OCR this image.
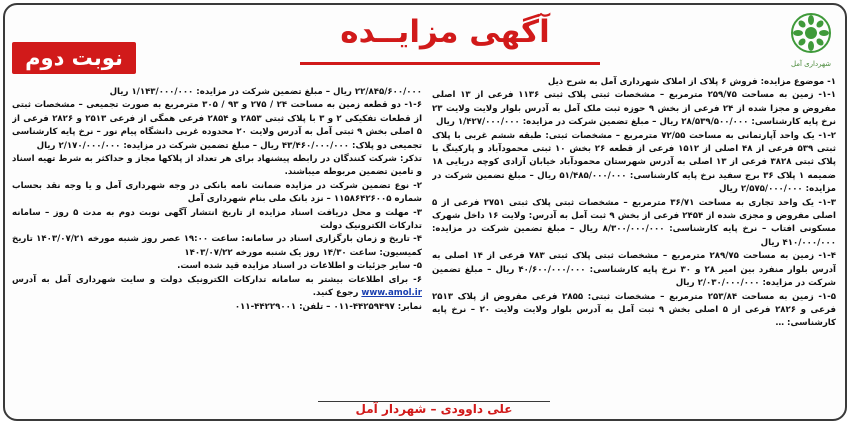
شهرداری آمل
آگهی مزایــده
نوبت دوم

۱- موضوع مزایده: فروش ۶ پلاک از املاک شهرداری آمل به شرح ذیل

۱-۱- زمین به مساحت ۲۵۹/۷۵ مترمربع – مشخصات ثبتی پلاک ثبتی ۱۱۳۶ فرعی از ۱۳ اصلی مفروض و مجزا شده از ۲۴ فرعی از بخش ۹ حوزه ثبت ملک آمل به آدرس بلوار ولایت ولایت ۲۳ نرخ پایه کارشناسی: ۲۸/۵۳۹/۵۰۰/۰۰۰ ریال – مبلغ تضمین شرکت در مزایده: ۱/۴۲۷/۰۰۰/۰۰۰ ریال

۱-۲- یک واحد آپارتمانی به مساحت ۷۲/۵۵ مترمربع – مشخصات ثبتی: طبقه ششم غربی با پلاک ثبتی ۵۳۹ فرعی از ۴۸ اصلی از ۱۵۱۲ فرعی از قطعه ۲۶ بخش ۱۰ ثبتی محمودآباد و پارکینگ با پلاک ثبتی ۳۸۲۸ فرعی از ۱۳ اصلی به آدرس شهرستان محمودآباد خیابان آزادی کوچه دریایی ۱۸ ضمیمه ۱ پلاک ۳۶ برج سفید نرخ پایه کارشناسی: ۵۱/۴۸۵/۰۰۰/۰۰۰ ریال – مبلغ تضمین شرکت در مزایده: ۲/۵۷۵/۰۰۰/۰۰۰ ریال

۱-۳- یک واحد تجاری به مساحت ۳۶/۷۱ مترمربع – مشخصات ثبتی پلاک ثبتی ۲۷۵۱ فرعی از ۵ اصلی مفروض و مجزی شده از ۲۴۵۴ فرعی از بخش ۹ ثبت آمل به آدرس: ولایت ۱۶ داخل شهرک مسکونی افتاب – نرخ پایه کارشناسی: ۸/۳۰۰/۰۰۰/۰۰۰ ریال – مبلغ تضمین شرکت در مزایده: ۴۱۰/۰۰۰/۰۰۰ ریال

۱-۴- زمین به مساحت ۲۸۹/۷۵ مترمربع – مشخصات ثبتی پلاک ثبتی ۷۸۳ فرعی از ۱۴ اصلی به آدرس بلوار منفرد بین امیر ۲۸ و ۳۰ نرخ پایه کارشناسی: ۴۰/۶۰۰/۰۰۰/۰۰۰ ریال – مبلغ تضمین شرکت در مزایده: ۲/۰۳۰/۰۰۰/۰۰۰ ریال

۱-۵- زمین به مساحت ۲۵۳/۸۴ مترمربع – مشخصات ثبتی: ۲۸۵۵ فرعی مفروض از پلاک ۲۵۱۳ فرعی و ۲۸۲۶ فرعی از ۵ اصلی بخش ۹ ثبت آمل به آدرس بلوار ولایت ولایت ۲۰ – نرخ پایه کارشناسی: …

۲۲/۸۴۵/۶۰۰/۰۰۰ ریال – مبلغ تضمین شرکت در مزایده: ۱/۱۴۳/۰۰۰/۰۰۰ ریال

۱-۶- دو قطعه زمین به مساحت ۲۴ / ۲۷۵ و ۹۳ / ۳۰۵ مترمربع به صورت تجمیعی – مشخصات ثبتی از قطعات تفکیکی ۲ و ۳ با پلاک ثبتی ۲۸۵۳ و ۲۸۵۴ فرعی همگی از فرعی ۲۵۱۳ و ۲۸۲۶ فرعی از ۵ اصلی بخش ۹ ثبتی آمل به آدرس ولایت ۲۰ محدوده غربی دانشگاه پیام نور – نرخ پایه کارشناسی تجمیعی دو پلاک: ۴۳/۴۶۰/۰۰۰/۰۰۰ ریال – مبلغ تضمین شرکت در مزایده: ۲/۱۷۰/۰۰۰/۰۰۰ ریال

تذکر: شرکت کنندگان در رابطه پیشنهاد برای هر تعداد از پلاکها مجاز و حداکثر به شرط تهیه اسناد و تامین تضمین مربوطه میباشند.

۲- نوع تضمین شرکت در مزایده ضمانت نامه بانکی در وجه شهرداری آمل و یا وجه نقد بحساب شماره ۱۱۵۸۶۴۲۶۰۰۵ – نزد بانک ملی بنام شهرداری آمل

۳- مهلت و محل دریافت اسناد مزایده از تاریخ انتشار آگهی نوبت دوم به مدت ۵ روز – سامانه تدارکات الکترونیک دولت

۴- تاریخ و زمان بارگزاری اسناد در سامانه: ساعت ۱۹:۰۰ عصر روز شنبه مورخه ۱۴۰۳/۰۷/۲۱ تاریخ کمیسیون: ساعت ۱۴/۳۰ روز یک شنبه مورخه ۱۴۰۳/۰۷/۲۲

۵- سایر جزئیات و اطلاعات در اسناد مزایده قید شده است.

۶- برای اطلاعات بیشتر به سامانه تدارکات الکترونیک دولت و سایت شهرداری آمل به آدرس www.amol.ir رجوع کنید.

نمابر: ۴۴۲۵۹۴۹۷-۰۱۱ – تلفن: ۴۴۲۲۹۰۰۱-۰۱۱

علی داوودی – شهردار آمل
